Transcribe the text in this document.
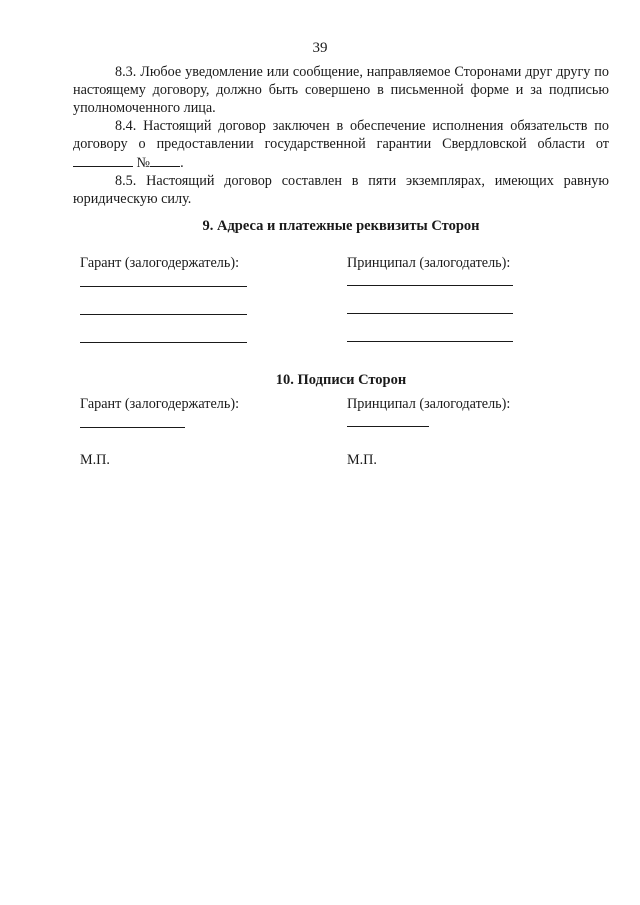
39

8.3. Любое уведомление или сообщение, направляемое Сторонами друг другу по настоящему договору, должно быть совершено в письменной форме и за подписью уполномоченного лица.

8.4. Настоящий договор заключен в обеспечение исполнения обязательств по договору о предоставлении государственной гарантии Свердловской области от  № .

8.5. Настоящий договор составлен в пяти экземплярах, имеющих равную юридическую силу.

9. Адреса и платежные реквизиты Сторон

Гарант (залогодержатель):	Принципал (залогодатель):

10. Подписи Сторон

Гарант (залогодержатель):	Принципал (залогодатель):

М.П.	М.П.
